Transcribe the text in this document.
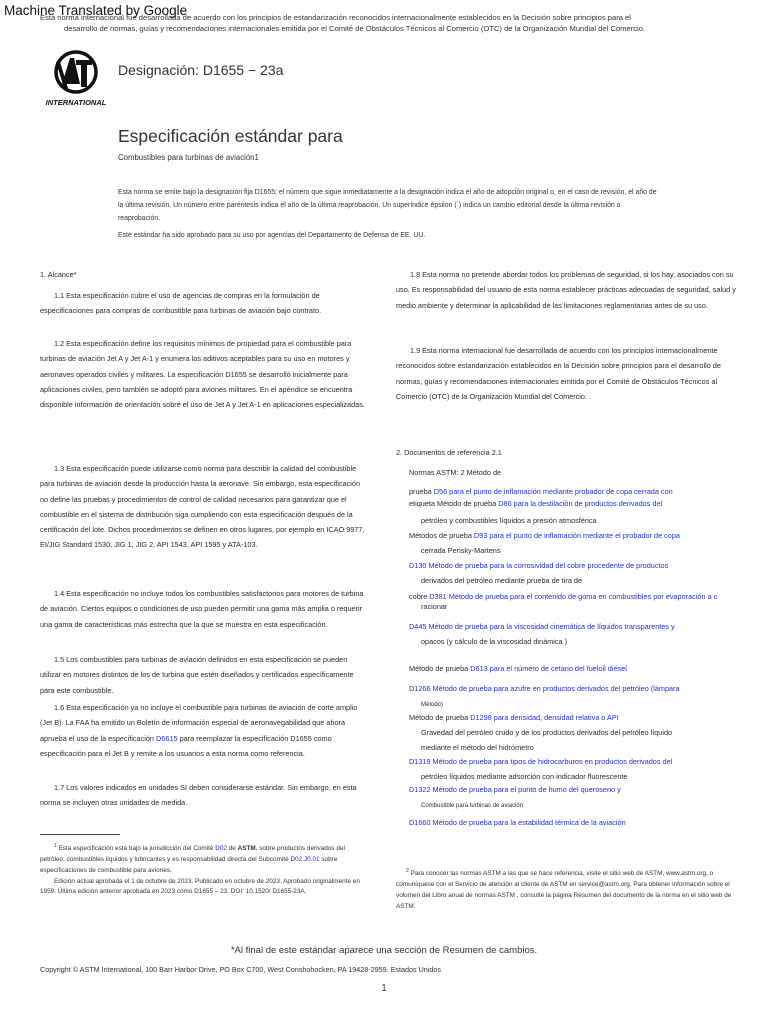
Machine Translated by Google
Esta norma internacional fue desarrollada de acuerdo con los principios de estandarización reconocidos internacionalmente establecidos en la Decisión sobre principios para el
desarrollo de normas, guías y recomendaciones internacionales emitida por el Comité de Obstáculos Técnicos al Comercio (OTC) de la Organización Mundial del Comercio.
INTERNATIONAL
Designación: D1655 − 23a
Especificación estándar para
Combustibles para turbinas de aviación1
Esta norma se emite bajo la designación fija D1655; el número que sigue inmediatamente a la designación indica el año de adopción original o, en el caso de revisión, el año de la última revisión. Un número entre paréntesis indica el año de la última reaprobación. Un superíndice épsilon (´) indica un cambio editorial desde la última revisión o reaprobación.
Este estándar ha sido aprobado para su uso por agencias del Departamento de Defensa de EE. UU.
1. Alcance*
1.1 Esta especificación cubre el uso de agencias de compras en la formulación de especificaciones para compras de combustible para turbinas de aviación bajo contrato.
1.2 Esta especificación define los requisitos mínimos de propiedad para el combustible para turbinas de aviación Jet A y Jet A-1 y enumera los aditivos aceptables para su uso en motores y aeronaves operados civiles y militares. La especificación D1655 se desarrolló inicialmente para aplicaciones civiles, pero también se adoptó para aviones militares. En el apéndice se encuentra disponible información de orientación sobre el uso de Jet A y Jet A-1 en aplicaciones especializadas.
1.3 Esta especificación puede utilizarse como norma para describir la calidad del combustible para turbinas de aviación desde la producción hasta la aeronave. Sin embargo, esta especificación no define las pruebas y procedimientos de control de calidad necesarios para garantizar que el combustible en el sistema de distribución siga cumpliendo con esta especificación después de la certificación del lote. Dichos procedimientos se definen en otros lugares, por ejemplo en ICAO 9977, EI/JIG Standard 1530, JIG 1, JIG 2, API 1543, API 1595 y ATA-103.
1.4 Esta especificación no incluye todos los combustibles satisfactorios para motores de turbina de aviación. Ciertos equipos o condiciones de uso pueden permitir una gama más amplia o requerir una gama de características más estrecha que la que se muestra en esta especificación.
1.5 Los combustibles para turbinas de aviación definidos en esta especificación se pueden utilizar en motores distintos de los de turbina que estén diseñados y certificados específicamente para este combustible.
1.6 Esta especificación ya no incluye el combustible para turbinas de aviación de corte amplio (Jet B). La FAA ha emitido un Boletín de información especial de aeronavegabilidad que ahora aprueba el uso de la especificación D6615 para reemplazar la especificación D1655 como especificación para el Jet B y remite a los usuarios a esta norma como referencia.
1.7 Los valores indicados en unidades SI deben considerarse estándar. Sin embargo, en esta norma se incluyen otras unidades de medida.
1.8 Esta norma no pretende abordar todos los problemas de seguridad, si los hay, asociados con su uso. Es responsabilidad del usuario de esta norma establecer prácticas adecuadas de seguridad, salud y medio ambiente y determinar la aplicabilidad de las limitaciones reglamentarias antes de su uso.
1.9 Esta norma internacional fue desarrollada de acuerdo con los principios internacionalmente reconocidos sobre estandarización establecidos en la Decisión sobre principios para el desarrollo de normas, guías y recomendaciones internacionales emitida por el Comité de Obstáculos Técnicos al Comercio (OTC) de la Organización Mundial del Comercio. .
2. Documentos de referencia 2.1
Normas ASTM: 2 Método de
prueba D56 para el punto de inflamación mediante probador de copa cerrada con
etiqueta Método de prueba D86 para la destilación de productos derivados del
petróleo y combustibles líquidos a presión atmosférica
Métodos de prueba D93 para el punto de inflamación mediante el probador de copa
cerrada Pensky-Martens
D130 Método de prueba para la corrosividad del cobre procedente de productos
derivados del petróleo mediante prueba de tira de
cobre D381 Método de prueba para el contenido de goma en combustibles por evaporación a c
racionar
D445 Método de prueba para la viscosidad cinemática de líquidos transparentes y
opacos (y cálculo de la viscosidad dinámica )
Método de prueba D613 para el número de cetano del fueloil diésel
D1266 Método de prueba para azufre en productos derivados del petróleo (lámpara
Método)
Método de prueba D1298 para densidad, densidad relativa o API
Gravedad del petróleo crudo y de los productos derivados del petróleo líquido
mediante el método del hidrómetro
D1319 Método de prueba para tipos de hidrocarburos en productos derivados del
petróleo líquidos mediante adsorción con indicador fluorescente
D1322 Método de prueba para el punto de humo del queroseno y
Combustible para turbinas de aviación
D1660 Método de prueba para la estabilidad térmica de la aviación
$^1$ Esta especificación está bajo la jurisdicción del Comité D02 de ASTM. sobre productos derivados del petróleo, combustibles líquidos y lubricantes y es responsabilidad directa del Subcomité D02.J0.01 sobre especificaciones de combustible para aviones.
Edición actual aprobada el 1 de octubre de 2023. Publicado en octubre de 2023. Aprobado originalmente en 1959. Última edición anterior aprobada en 2023 como D1655 – 23. DOI: 10.1520/ D1655-23A.
$^2$ Para conocer las normas ASTM a las que se hace referencia, visite el sitio web de ASTM, www.astm.org, o comuníquese con el Servicio de atención al cliente de ASTM en service@astm.org. Para obtener información sobre el volumen del Libro anual de normas ASTM , consulte la página Resumen del documento de la norma en el sitio web de ASTM.
*Al final de este estándar aparece una sección de Resumen de cambios.
Copyright © ASTM International, 100 Barr Harbor Drive, PO Box C700, West Conshohocken, PA 19428-2959. Estados Unidos
1
